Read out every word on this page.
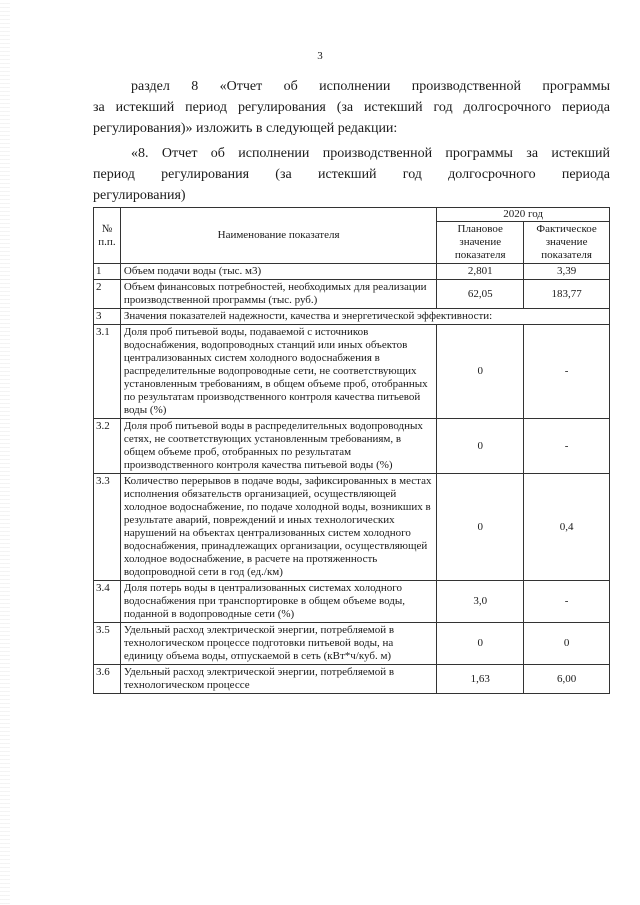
3
раздел 8 «Отчет об исполнении производственной программы
за истекший период регулирования (за истекший год долгосрочного периода
регулирования)» изложить в следующей редакции:
«8. Отчет об исполнении производственной программы за истекший
период регулирования (за истекший год долгосрочного периода
регулирования)
№ п.п.	Наименование показателя	2020 год	
		Плановое значение показателя	Фактическое значение показателя
1	Объем подачи воды (тыс. м3)	2,801	3,39
2	Объем финансовых потребностей, необходимых для реализации производственной программы (тыс. руб.)	62,05	183,77
3	Значения показателей надежности, качества и энергетической эффективности:		
3.1	Доля проб питьевой воды, подаваемой с источников водоснабжения, водопроводных станций или иных объектов централизованных систем холодного водоснабжения в распределительные водопроводные сети, не соответствующих установленным требованиям, в общем объеме проб, отобранных по результатам производственного контроля качества питьевой воды (%)	0	-
3.2	Доля проб питьевой воды в распределительных водопроводных сетях, не соответствующих установленным требованиям, в общем объеме проб, отобранных по результатам производственного контроля качества питьевой воды (%)	0	-
3.3	Количество перерывов в подаче воды, зафиксированных в местах исполнения обязательств организацией, осуществляющей холодное водоснабжение, по подаче холодной воды, возникших в результате аварий, повреждений и иных технологических нарушений на объектах централизованных систем холодного водоснабжения, принадлежащих организации, осуществляющей холодное водоснабжение, в расчете на протяженность водопроводной сети в год (ед./км)	0	0,4
3.4	Доля потерь воды в централизованных системах холодного водоснабжения при транспортировке в общем объеме воды, поданной в водопроводные сети (%)	3,0	-
3.5	Удельный расход электрической энергии, потребляемой в технологическом процессе подготовки питьевой воды, на единицу объема воды, отпускаемой в сеть (кВт*ч/куб. м)	0	0
3.6	Удельный расход электрической энергии, потребляемой в технологическом процессе	1,63	6,00
